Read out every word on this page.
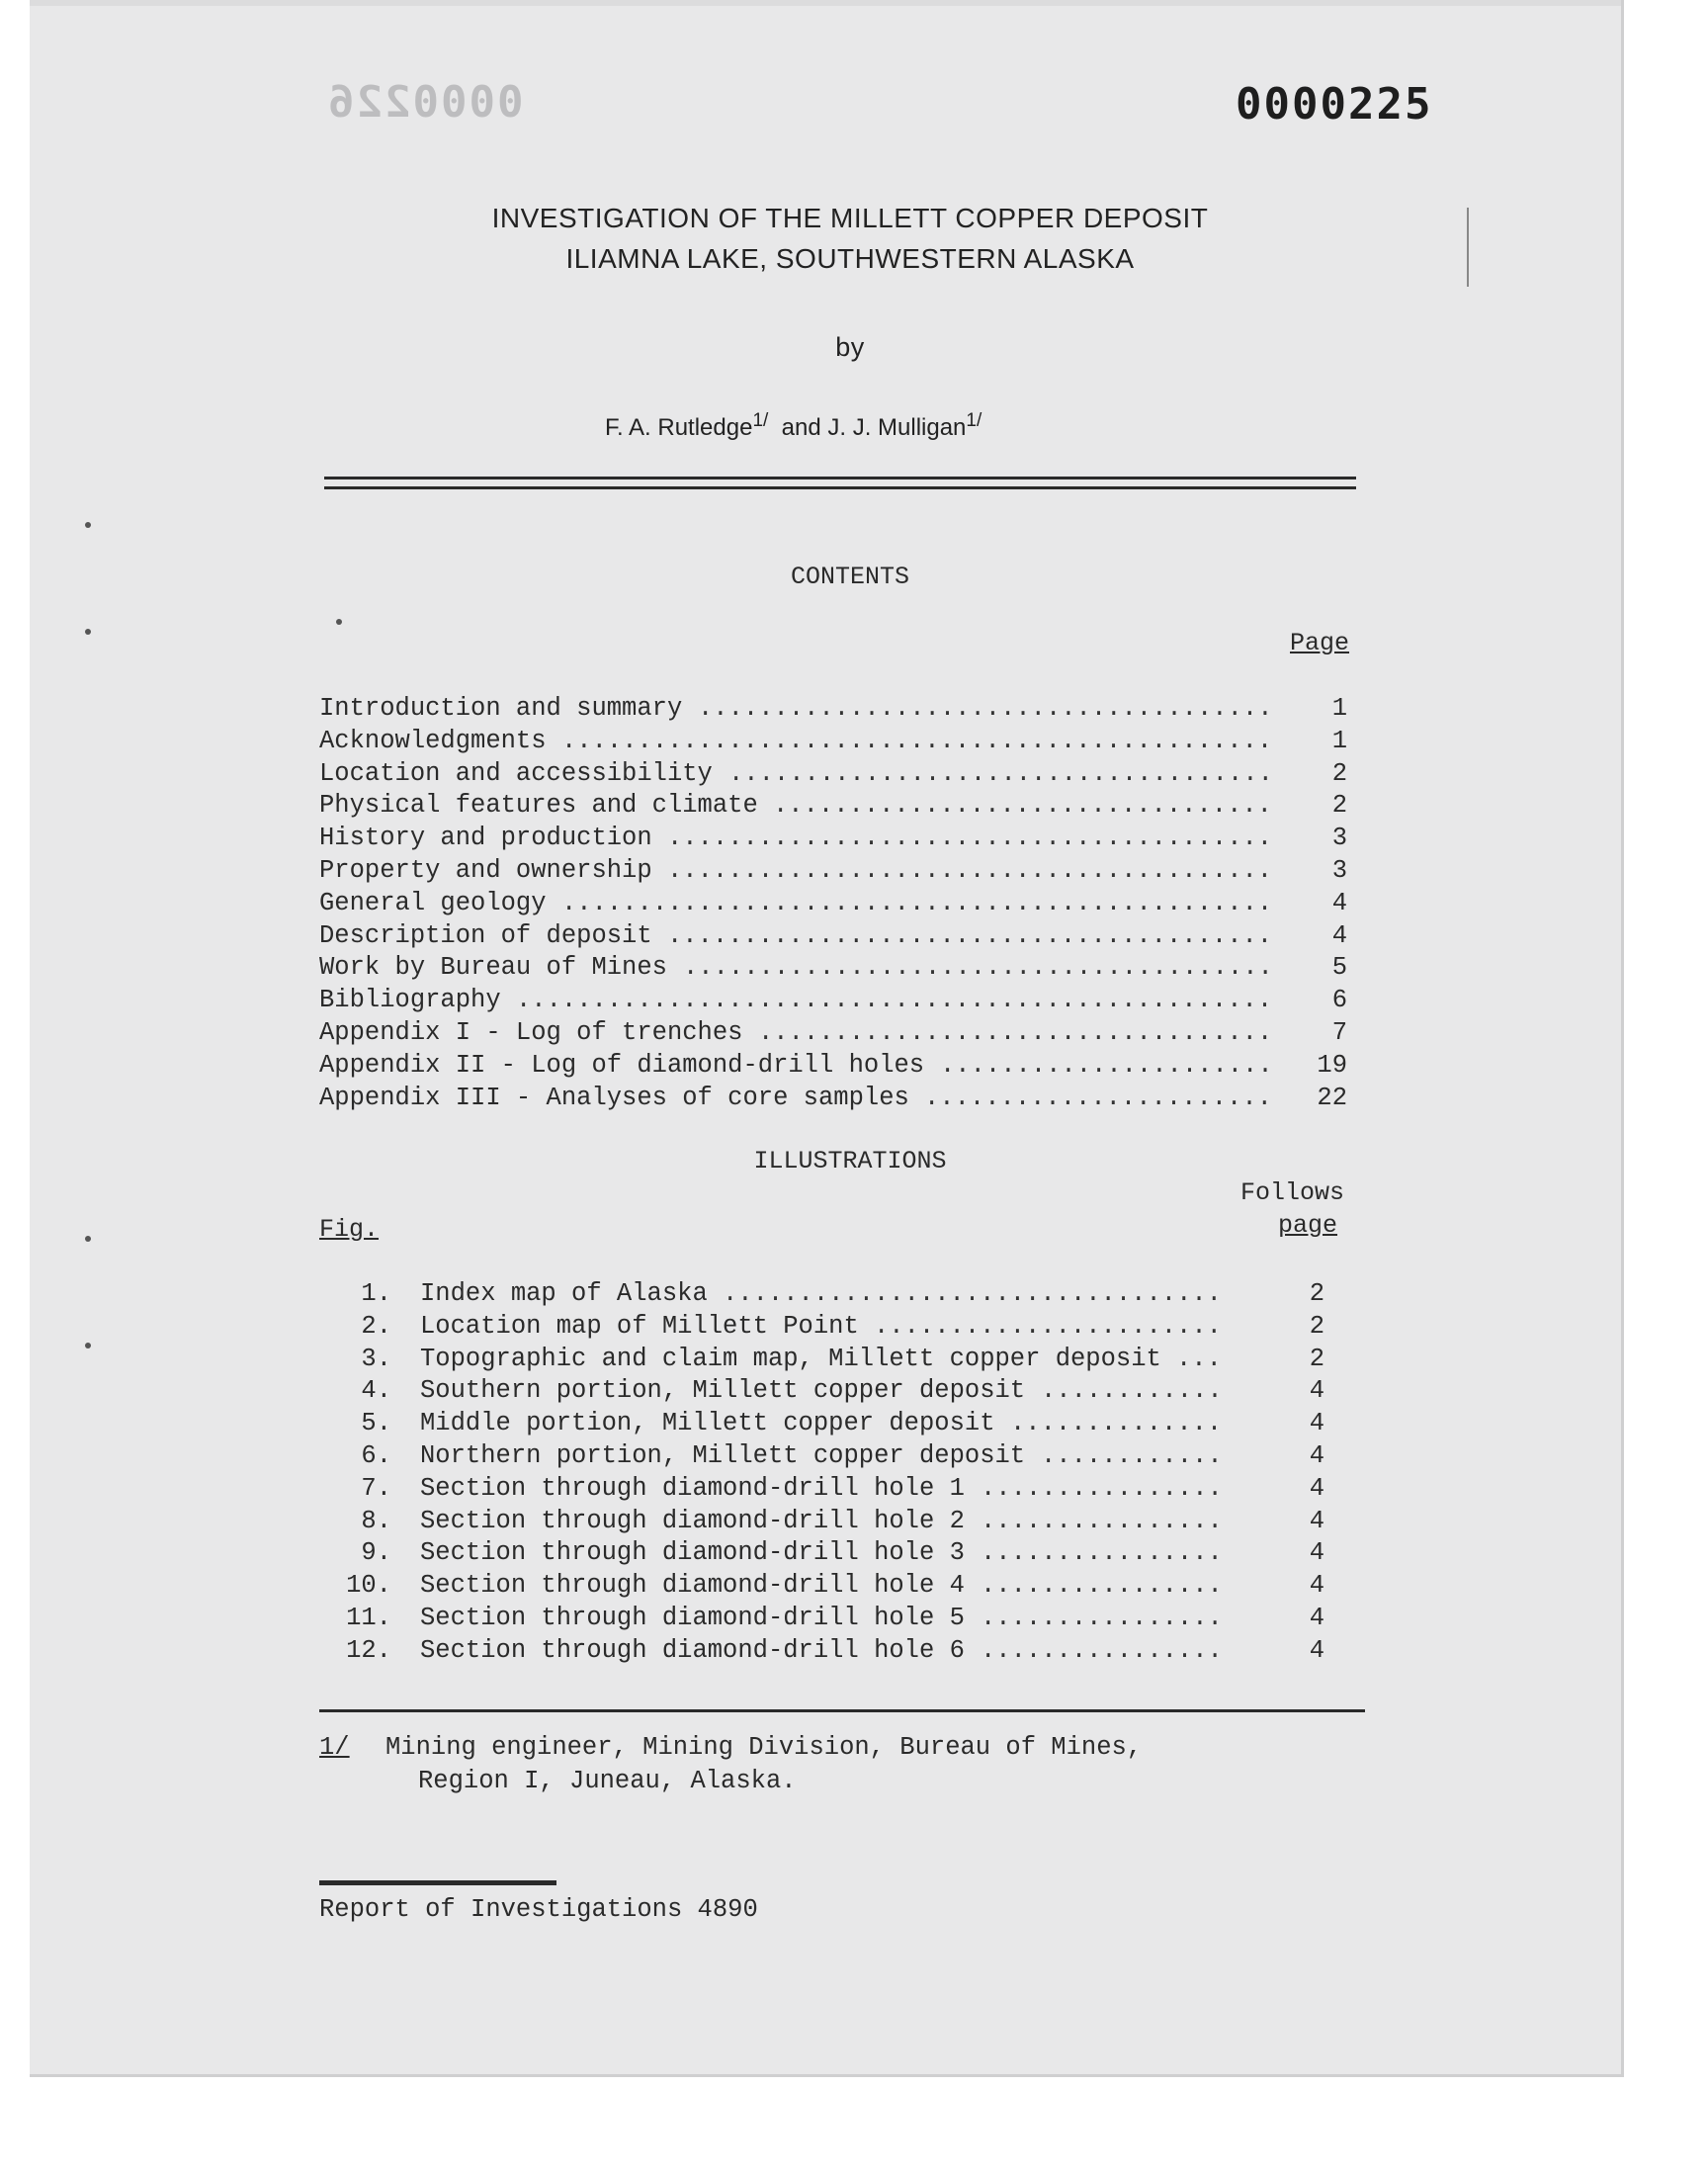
0000226	0000225
INVESTIGATION OF THE MILLETT COPPER DEPOSIT
ILIAMNA LAKE, SOUTHWESTERN ALASKA
by
F. A. Rutledge$^{1/}$ and J. J. Mulligan$^{1/}$
CONTENTS
Page
Introduction and summary ......................................	1
Acknowledgments ...............................................	1
Location and accessibility ....................................	2
Physical features and climate .................................	2
History and production ........................................	3
Property and ownership ........................................	3
General geology ...............................................	4
Description of deposit ........................................	4
Work by Bureau of Mines .......................................	5
Bibliography ..................................................	6
Appendix I - Log of trenches ..................................	7
Appendix II - Log of diamond-drill holes ......................	19
Appendix III - Analyses of core samples .......................	22
ILLUSTRATIONS
Follows
page
Fig.
1. Index map of Alaska .................................	2
2. Location map of Millett Point .......................	2
3. Topographic and claim map, Millett copper deposit ...	2
4. Southern portion, Millett copper deposit ............	4
5. Middle portion, Millett copper deposit ..............	4
6. Northern portion, Millett copper deposit ............	4
7. Section through diamond-drill hole 1 ................	4
8. Section through diamond-drill hole 2 ................	4
9. Section through diamond-drill hole 3 ................	4
10. Section through diamond-drill hole 4 ................	4
11. Section through diamond-drill hole 5 ................	4
12. Section through diamond-drill hole 6 ................	4
1/ Mining engineer, Mining Division, Bureau of Mines,
Region I, Juneau, Alaska.
Report of Investigations 4890
